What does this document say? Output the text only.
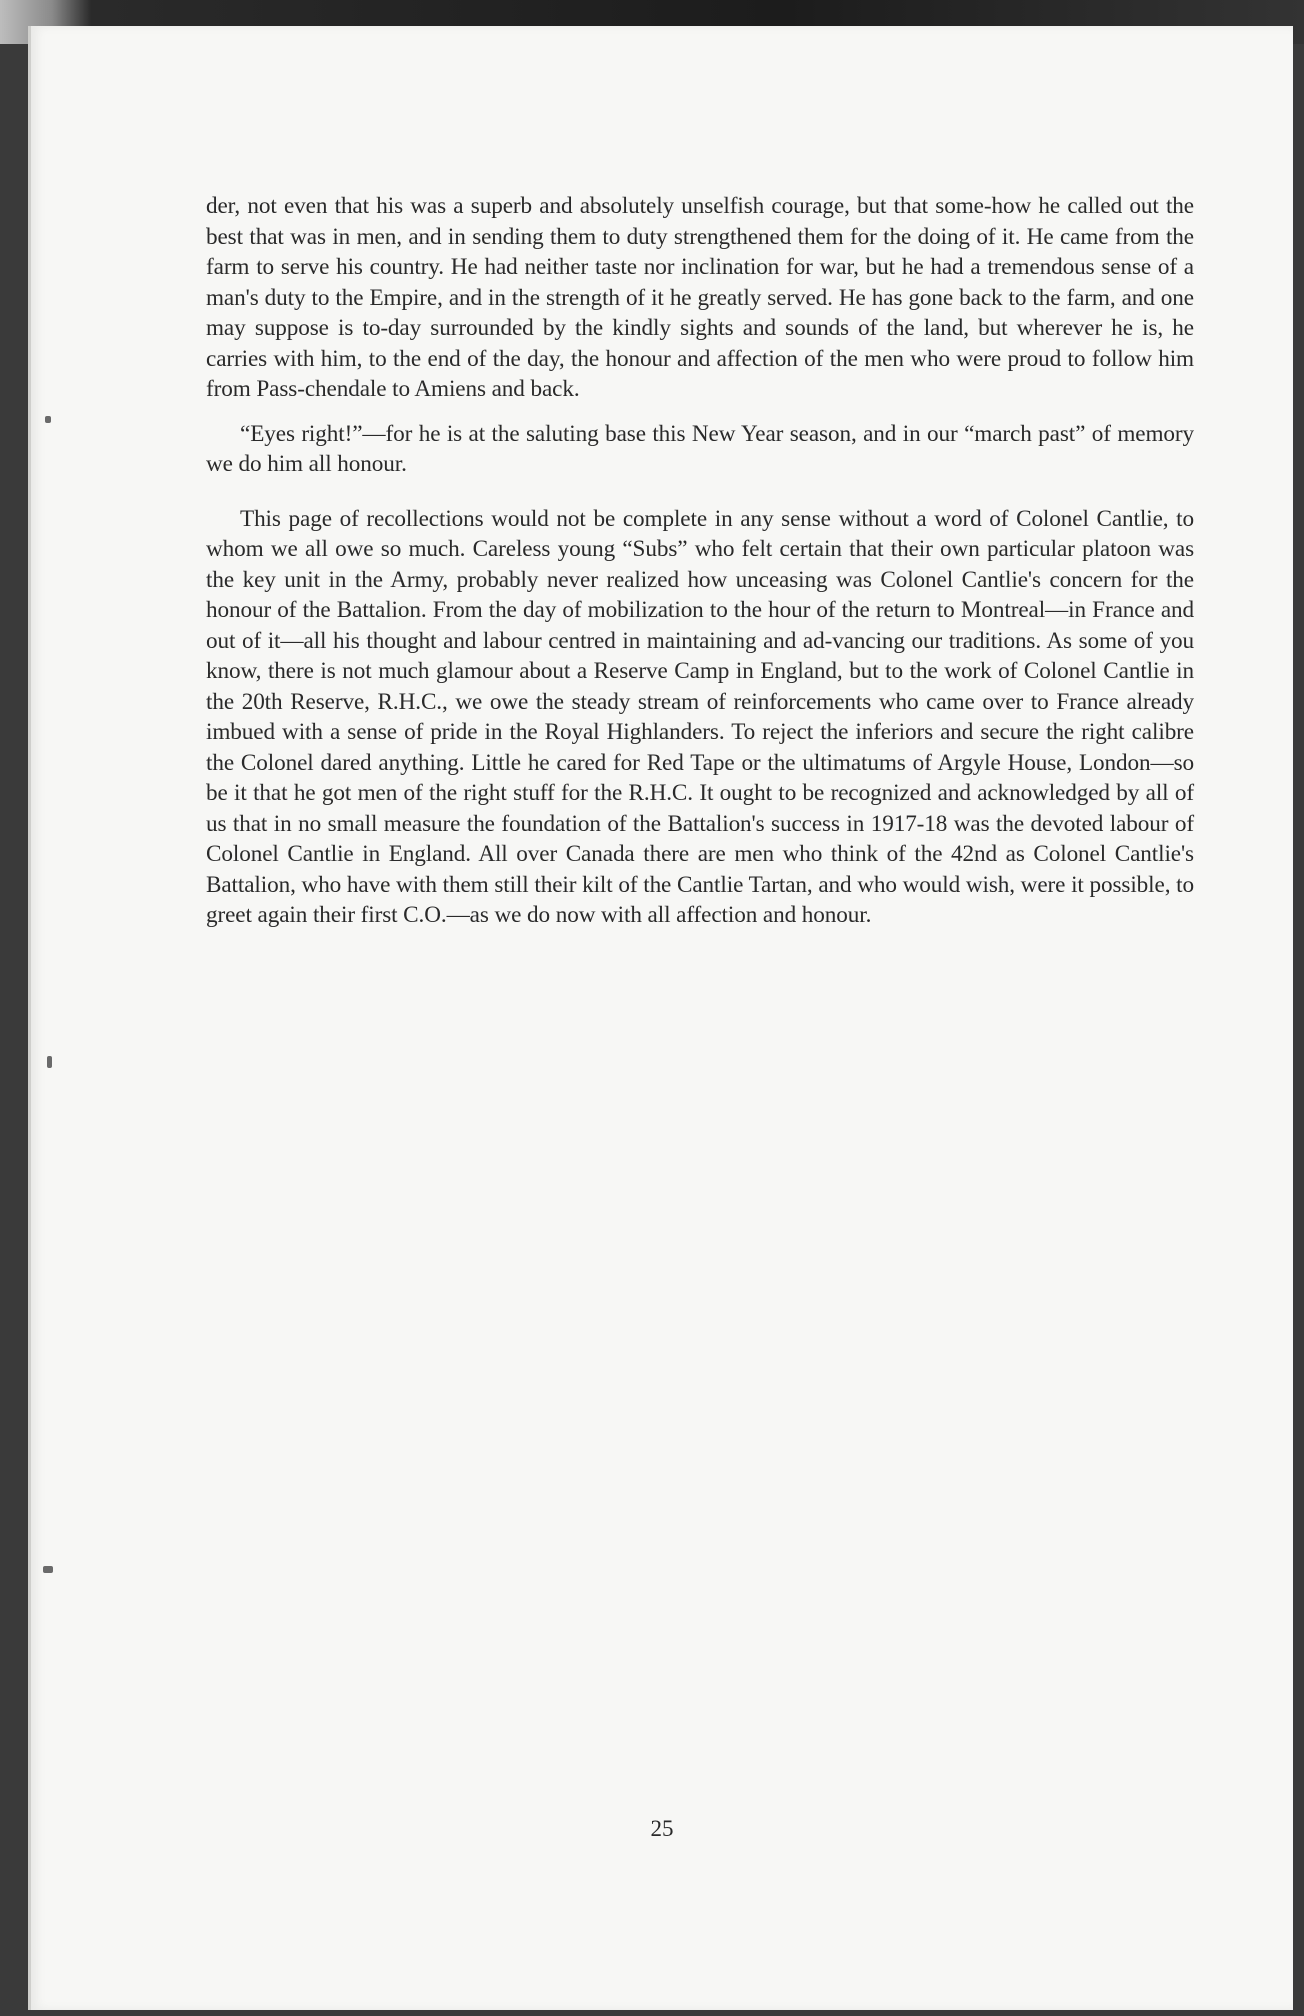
der, not even that his was a superb and absolutely unselfish courage, but that some-how he called out the best that was in men, and in sending them to duty strengthened them for the doing of it. He came from the farm to serve his country. He had neither taste nor inclination for war, but he had a tremendous sense of a man's duty to the Empire, and in the strength of it he greatly served. He has gone back to the farm, and one may suppose is to-day surrounded by the kindly sights and sounds of the land, but wherever he is, he carries with him, to the end of the day, the honour and affection of the men who were proud to follow him from Pass-chendale to Amiens and back.

“Eyes right!”—for he is at the saluting base this New Year season, and in our “march past” of memory we do him all honour.

This page of recollections would not be complete in any sense without a word of Colonel Cantlie, to whom we all owe so much. Careless young “Subs” who felt certain that their own particular platoon was the key unit in the Army, probably never realized how unceasing was Colonel Cantlie's concern for the honour of the Battalion. From the day of mobilization to the hour of the return to Montreal—in France and out of it—all his thought and labour centred in maintaining and ad-vancing our traditions. As some of you know, there is not much glamour about a Reserve Camp in England, but to the work of Colonel Cantlie in the 20th Reserve, R.H.C., we owe the steady stream of reinforcements who came over to France already imbued with a sense of pride in the Royal Highlanders. To reject the inferiors and secure the right calibre the Colonel dared anything. Little he cared for Red Tape or the ultimatums of Argyle House, London—so be it that he got men of the right stuff for the R.H.C. It ought to be recognized and acknowledged by all of us that in no small measure the foundation of the Battalion's success in 1917-18 was the devoted labour of Colonel Cantlie in England. All over Canada there are men who think of the 42nd as Colonel Cantlie's Battalion, who have with them still their kilt of the Cantlie Tartan, and who would wish, were it possible, to greet again their first C.O.—as we do now with all affection and honour.

25
